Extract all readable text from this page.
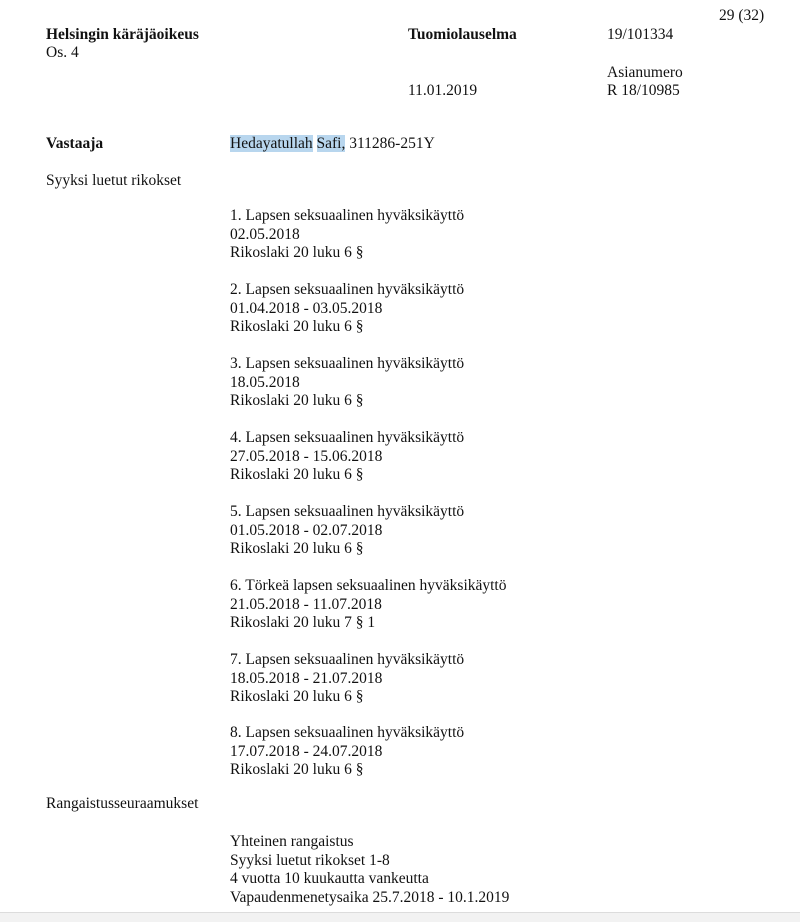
29 (32)
Helsingin käräjäoikeus
Os. 4
Tuomiolauselma	19/101334
11.01.2019
Asianumero
R 18/10985
Vastaaja	Hedayatullah Safi, 311286-251Y
Syyksi luetut rikokset
1. Lapsen seksuaalinen hyväksikäyttö
02.05.2018
Rikoslaki 20 luku 6 §
2. Lapsen seksuaalinen hyväksikäyttö
01.04.2018 - 03.05.2018
Rikoslaki 20 luku 6 §
3. Lapsen seksuaalinen hyväksikäyttö
18.05.2018
Rikoslaki 20 luku 6 §
4. Lapsen seksuaalinen hyväksikäyttö
27.05.2018 - 15.06.2018
Rikoslaki 20 luku 6 §
5. Lapsen seksuaalinen hyväksikäyttö
01.05.2018 - 02.07.2018
Rikoslaki 20 luku 6 §
6. Törkeä lapsen seksuaalinen hyväksikäyttö
21.05.2018 - 11.07.2018
Rikoslaki 20 luku 7 § 1
7. Lapsen seksuaalinen hyväksikäyttö
18.05.2018 - 21.07.2018
Rikoslaki 20 luku 6 §
8. Lapsen seksuaalinen hyväksikäyttö
17.07.2018 - 24.07.2018
Rikoslaki 20 luku 6 §
Rangaistusseuraamukset
Yhteinen rangaistus
Syyksi luetut rikokset 1-8
4 vuotta 10 kuukautta vankeutta
Vapaudenmenetysaika 25.7.2018 - 10.1.2019
